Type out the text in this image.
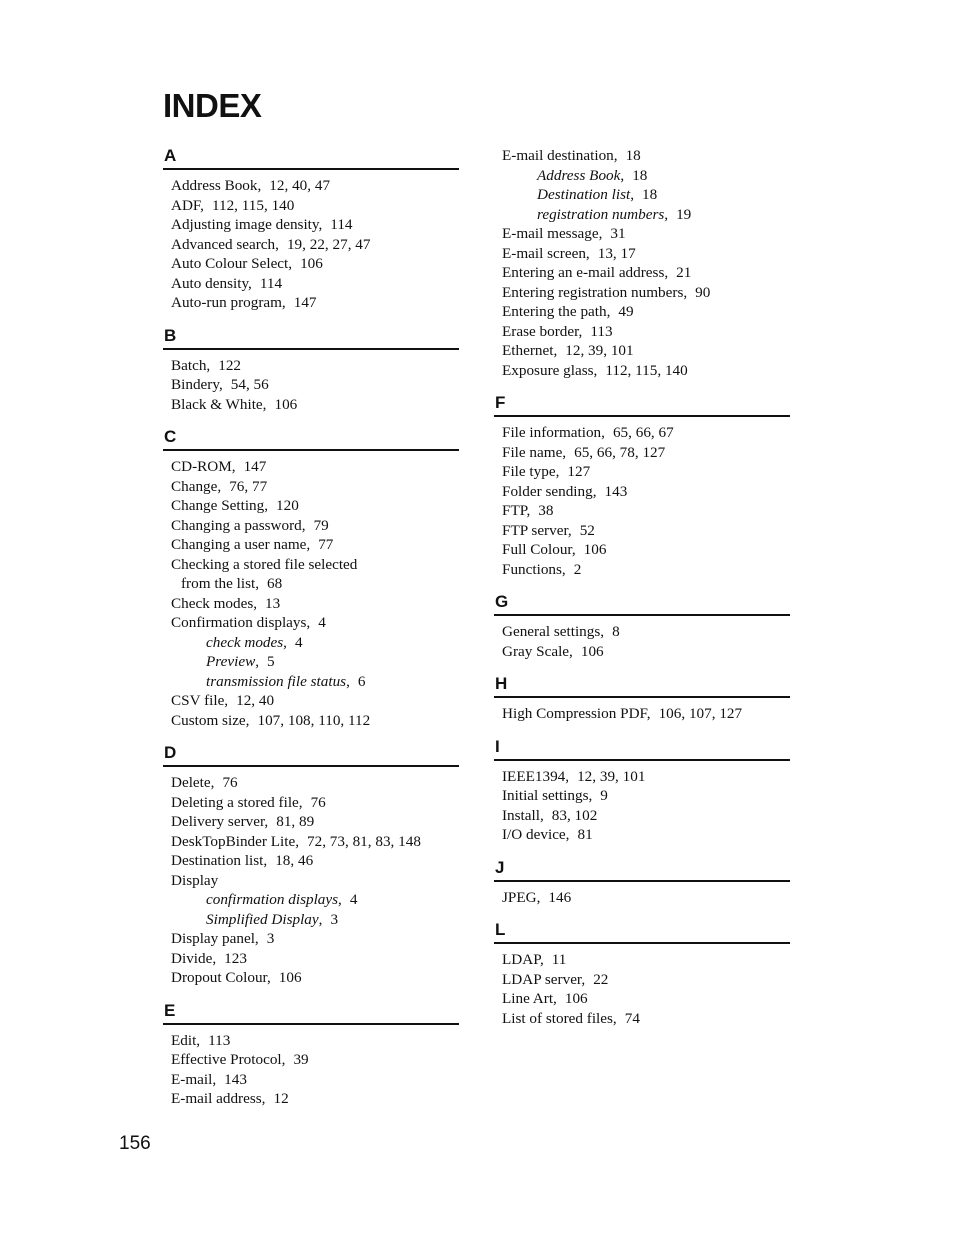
INDEX
A
Address Book, 12, 40, 47
ADF, 112, 115, 140
Adjusting image density, 114
Advanced search, 19, 22, 27, 47
Auto Colour Select, 106
Auto density, 114
Auto-run program, 147
B
Batch, 122
Bindery, 54, 56
Black & White, 106
C
CD-ROM, 147
Change, 76, 77
Change Setting, 120
Changing a password, 79
Changing a user name, 77
Checking a stored file selected
from the list, 68
Check modes, 13
Confirmation displays, 4
check modes, 4
Preview, 5
transmission file status, 6
CSV file, 12, 40
Custom size, 107, 108, 110, 112
D
Delete, 76
Deleting a stored file, 76
Delivery server, 81, 89
DeskTopBinder Lite, 72, 73, 81, 83, 148
Destination list, 18, 46
Display
confirmation displays, 4
Simplified Display, 3
Display panel, 3
Divide, 123
Dropout Colour, 106
E
Edit, 113
Effective Protocol, 39
E-mail, 143
E-mail address, 12
E-mail destination, 18
Address Book, 18
Destination list, 18
registration numbers, 19
E-mail message, 31
E-mail screen, 13, 17
Entering an e-mail address, 21
Entering registration numbers, 90
Entering the path, 49
Erase border, 113
Ethernet, 12, 39, 101
Exposure glass, 112, 115, 140
F
File information, 65, 66, 67
File name, 65, 66, 78, 127
File type, 127
Folder sending, 143
FTP, 38
FTP server, 52
Full Colour, 106
Functions, 2
G
General settings, 8
Gray Scale, 106
H
High Compression PDF, 106, 107, 127
I
IEEE1394, 12, 39, 101
Initial settings, 9
Install, 83, 102
I/O device, 81
J
JPEG, 146
L
LDAP, 11
LDAP server, 22
Line Art, 106
List of stored files, 74
156
